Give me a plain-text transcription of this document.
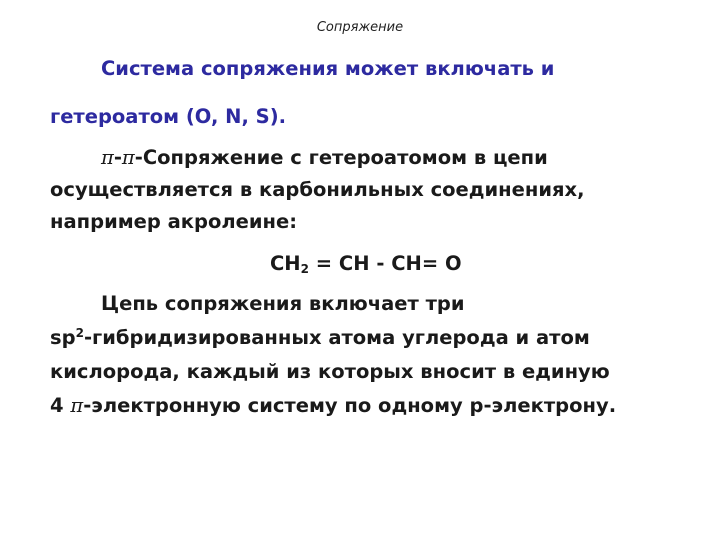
Сопряжение
Система сопряжения может включать и
гетероатом (O, N, S).
π-π-Сопряжение с гетероатомом в цепи
осуществляется в карбонильных соединениях,
например акролеине:
$CH_2$ = CH - CH= O
Цепь сопряжения включает три
$sp^2$-гибридизированных атома углерода и атом
кислорода, каждый из которых вносит в единую
4 π-электронную систему по одному р-электрону.
